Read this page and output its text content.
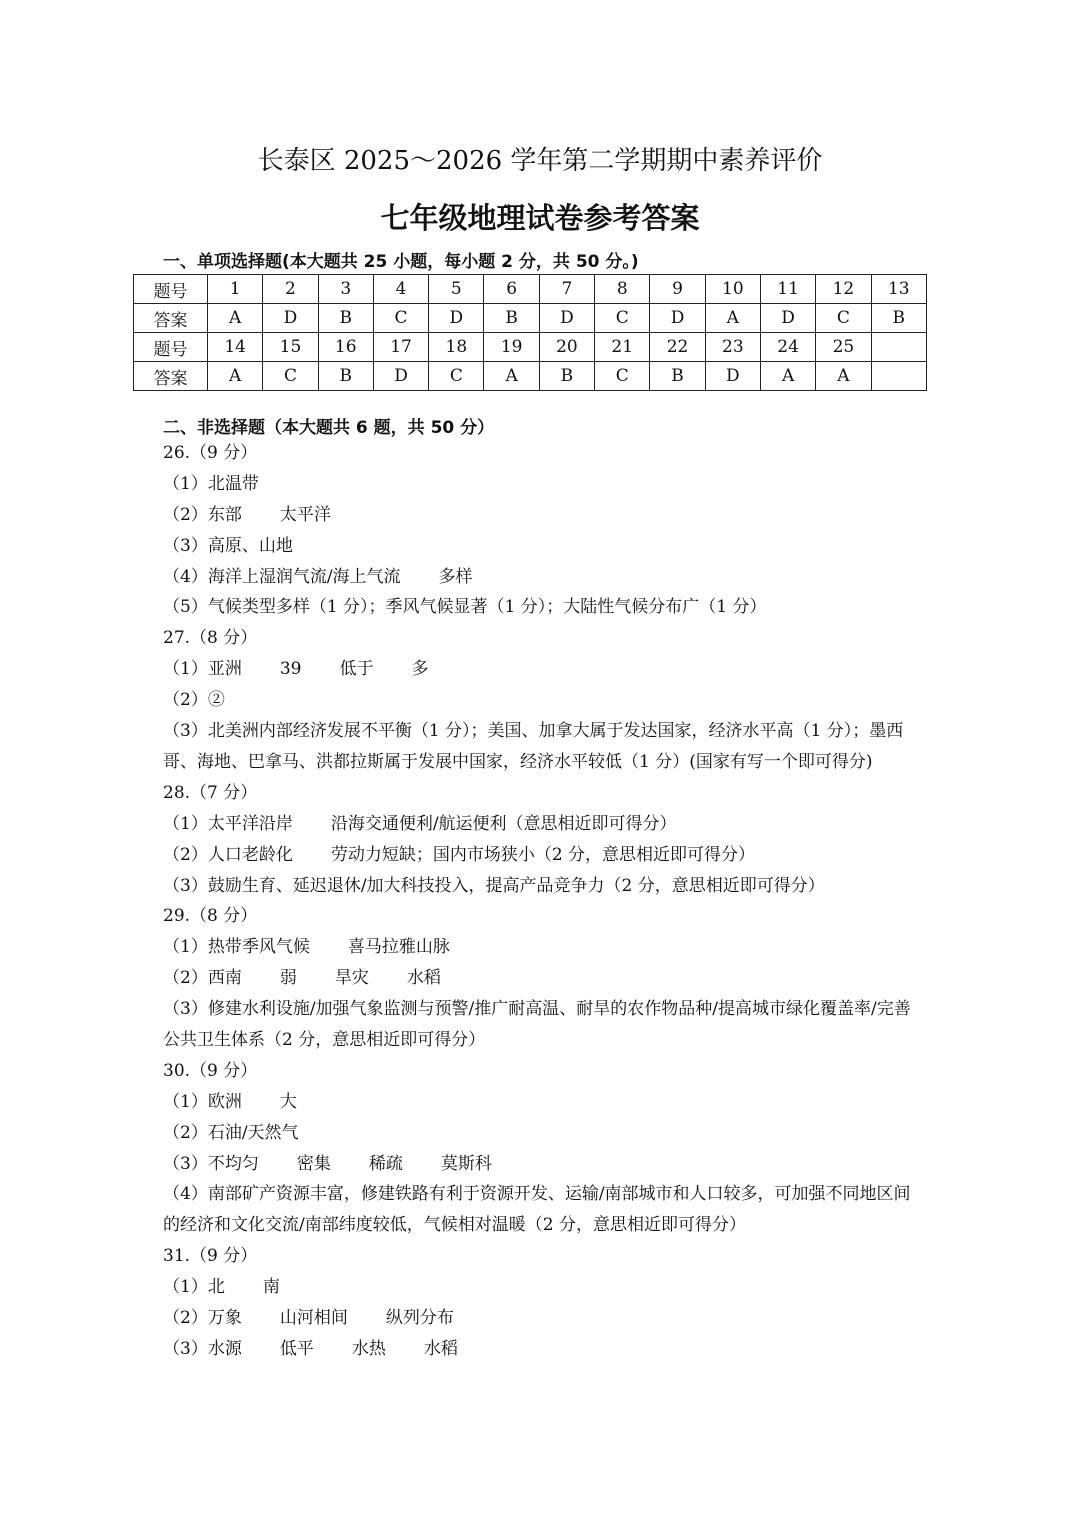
长泰区 2025～2026 学年第二学期期中素养评价
七年级地理试卷参考答案
一、单项选择题(本大题共 25 小题，每小题 2 分，共 50 分。)
题号	1	2	3	4	5	6	7	8	9	10	11	12	13
答案	A	D	B	C	D	B	D	C	D	A	D	C	B
题号	14	15	16	17	18	19	20	21	22	23	24	25	
答案	A	C	B	D	C	A	B	C	B	D	A	A	
二、非选择题（本大题共 6 题，共 50 分）
26.（9 分）
（1）北温带
（2）东部 太平洋
（3）高原、山地
（4）海洋上湿润气流/海上气流 多样
（5）气候类型多样（1 分）；季风气候显著（1 分）；大陆性气候分布广（1 分）
27.（8 分）
（1）亚洲 39 低于 多
（2）②
（3）北美洲内部经济发展不平衡（1 分）；美国、加拿大属于发达国家，经济水平高（1 分）；墨西哥、海地、巴拿马、洪都拉斯属于发展中国家，经济水平较低（1 分）(国家有写一个即可得分)
28.（7 分）
（1）太平洋沿岸 沿海交通便利/航运便利（意思相近即可得分）
（2）人口老龄化 劳动力短缺；国内市场狭小（2 分，意思相近即可得分）
（3）鼓励生育、延迟退休/加大科技投入，提高产品竞争力（2 分，意思相近即可得分）
29.（8 分）
（1）热带季风气候 喜马拉雅山脉
（2）西南 弱 旱灾 水稻
（3）修建水利设施/加强气象监测与预警/推广耐高温、耐旱的农作物品种/提高城市绿化覆盖率/完善公共卫生体系（2 分，意思相近即可得分）
30.（9 分）
（1）欧洲 大
（2）石油/天然气
（3）不均匀 密集 稀疏 莫斯科
（4）南部矿产资源丰富，修建铁路有利于资源开发、运输/南部城市和人口较多，可加强不同地区间的经济和文化交流/南部纬度较低，气候相对温暖（2 分，意思相近即可得分）
31.（9 分）
（1）北 南
（2）万象 山河相间 纵列分布
（3）水源 低平 水热 水稻
